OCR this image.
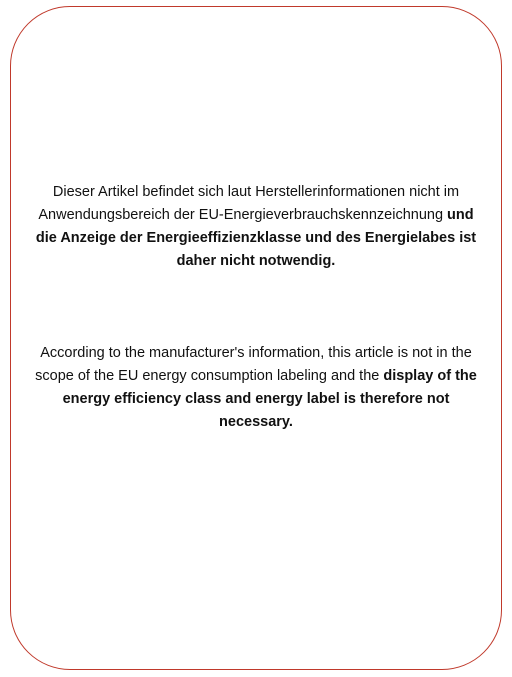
Dieser Artikel befindet sich laut Herstellerinformationen nicht im Anwendungsbereich der EU-Energieverbrauchskennzeichnung und die Anzeige der Energieeffizienzklasse und des Energielabes ist daher nicht notwendig.

According to the manufacturer's information, this article is not in the scope of the EU energy consumption labeling and the display of the energy efficiency class and energy label is therefore not necessary.
